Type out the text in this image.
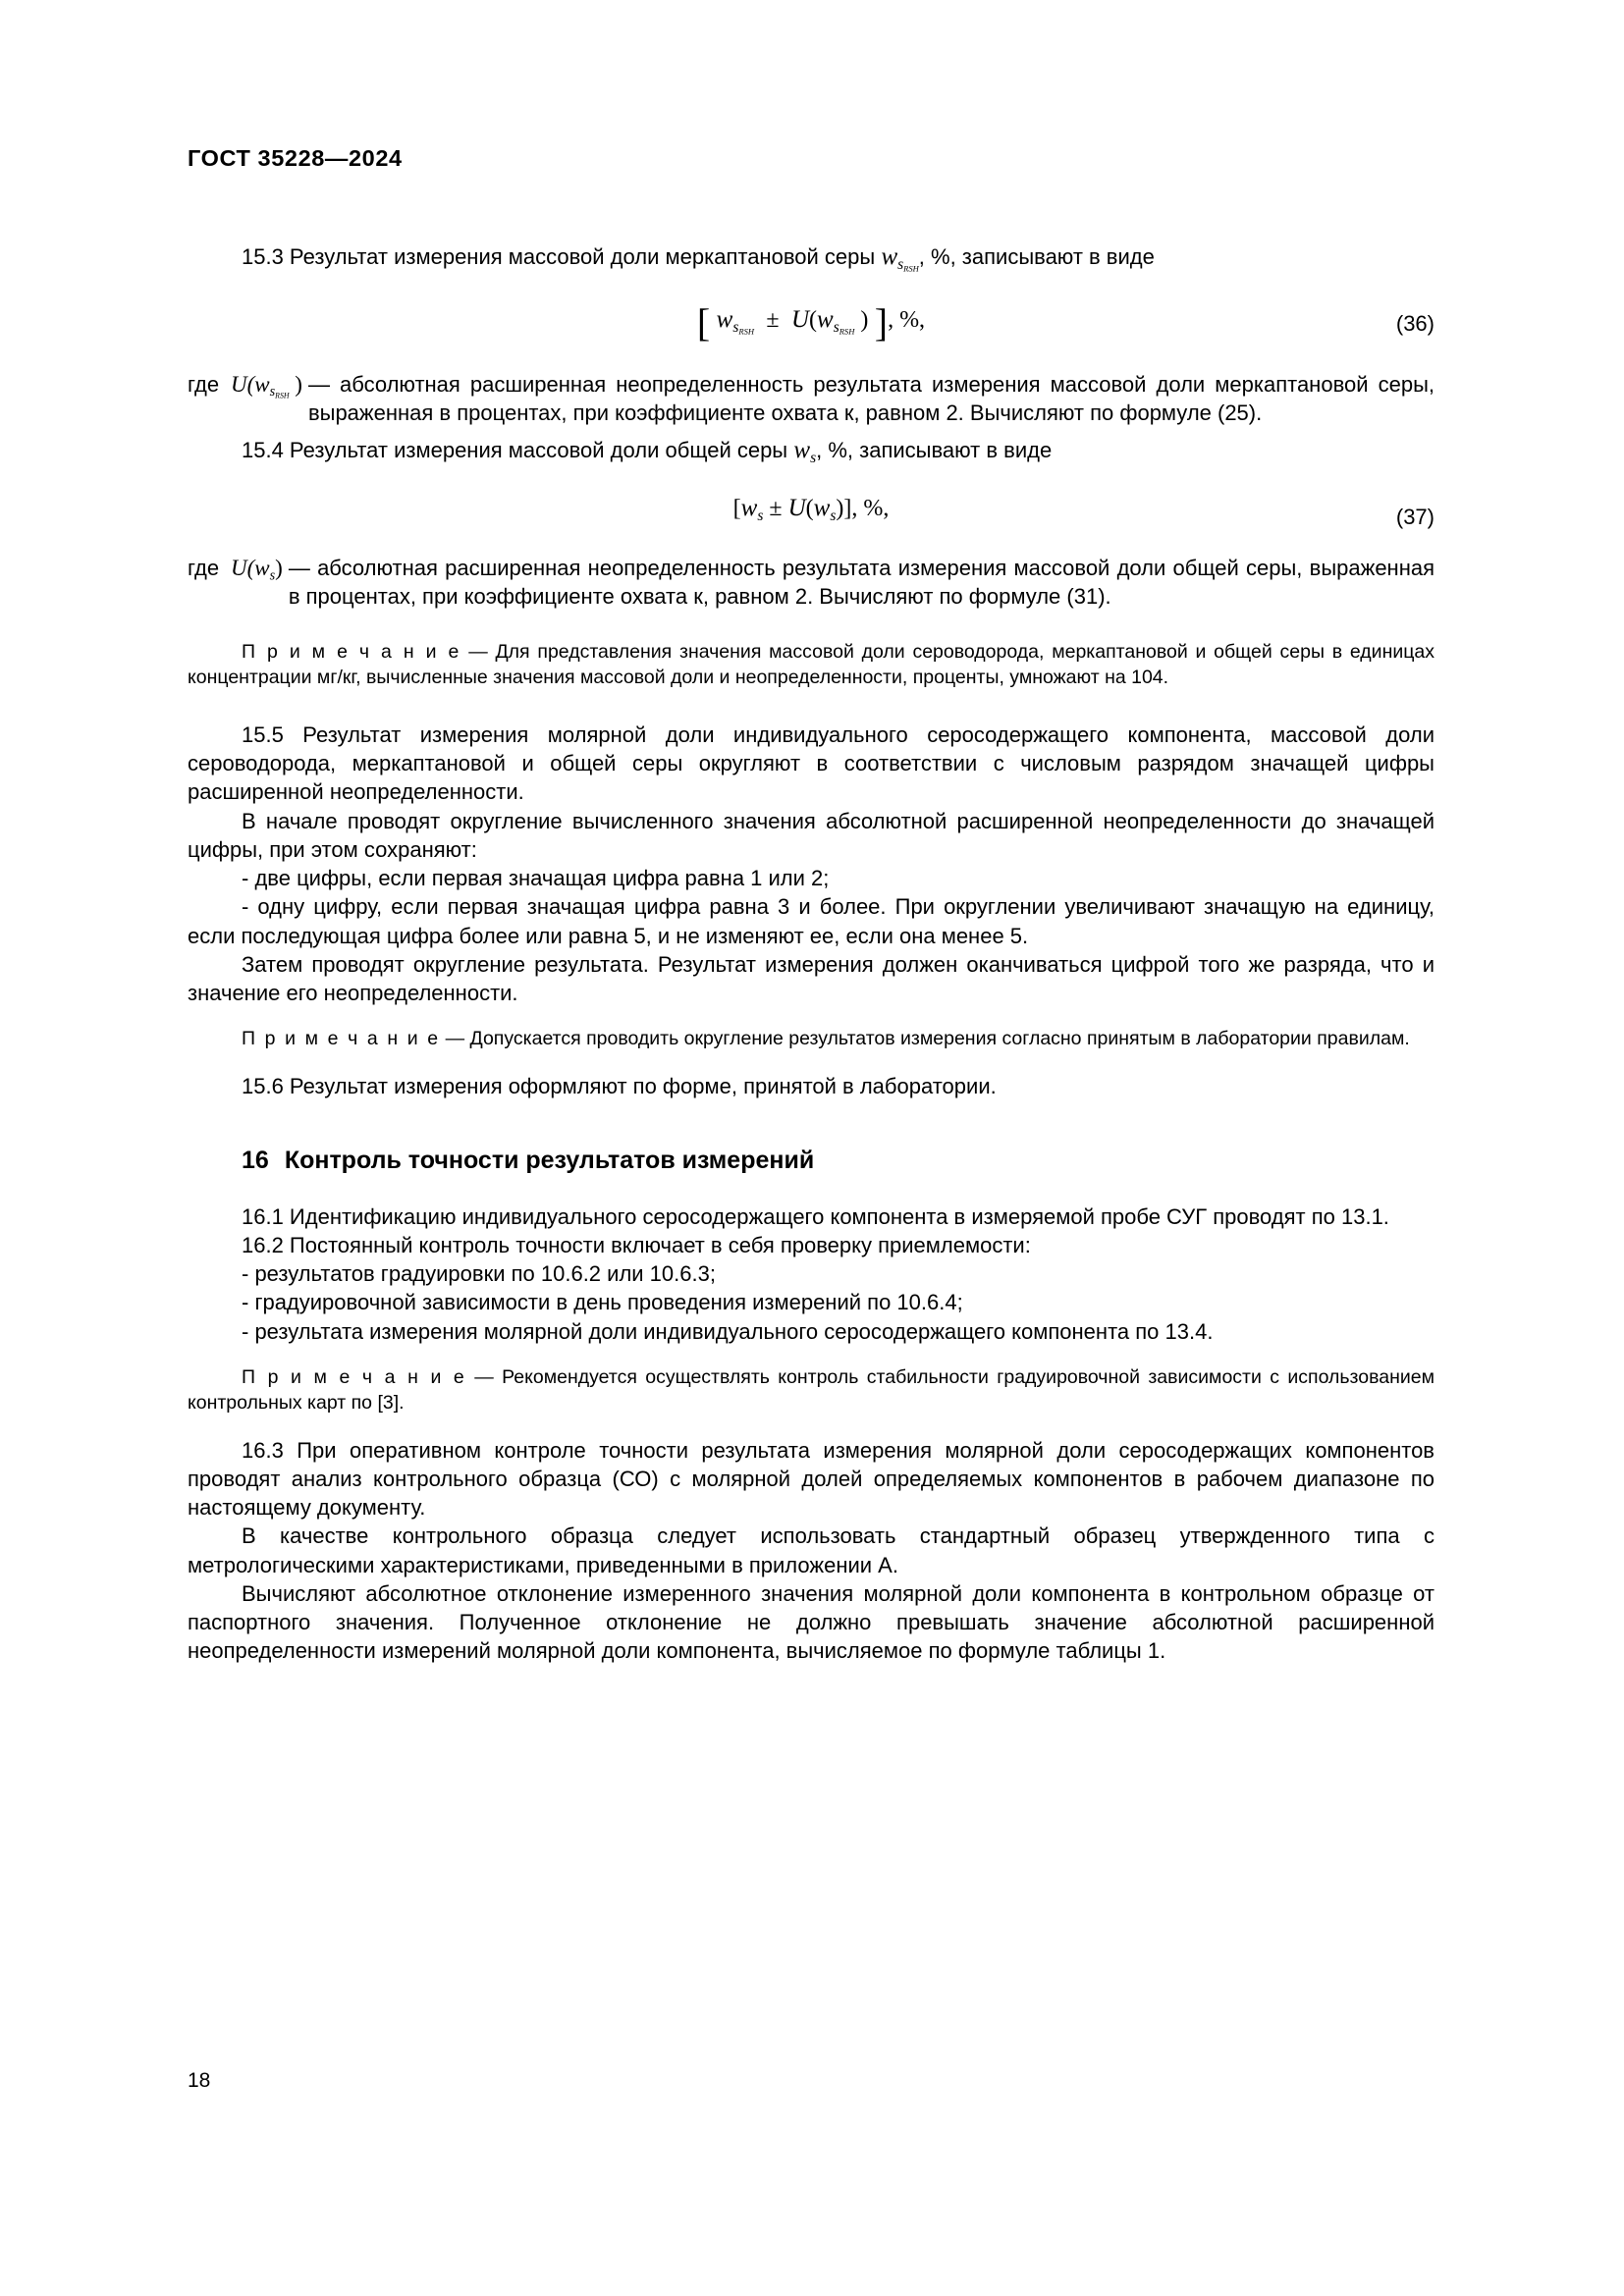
ГОСТ 35228—2024

15.3 Результат измерения массовой доли меркаптановой серы $w_{sRSH}$, %, записывают в виде

[ $w_{sRSH} \pm U(w_{sRSH}$ ) ], %,	(36)
где  $U(w_{sRSH}$ ) — абсолютная расширенная неопределенность результата измерения массовой доли меркаптановой серы, выраженная в процентах, при коэффициенте охвата к, равном 2. Вычисляют по формуле (25).

15.4 Результат измерения массовой доли общей серы $w_s$, %, записывают в виде

$[w_s \pm U(w_s)]$, %,	(37)
где  $U(w_s)$ — абсолютная расширенная неопределенность результата измерения массовой доли общей серы, выраженная в процентах, при коэффициенте охвата к, равном 2. Вычисляют по формуле (31).

П р и м е ч а н и е — Для представления значения массовой доли сероводорода, меркаптановой и общей серы в единицах концентрации мг/кг, вычисленные значения массовой доли и неопределенности, проценты, умножают на 104.

15.5 Результат измерения молярной доли индивидуального серосодержащего компонента, массовой доли сероводорода, меркаптановой и общей серы округляют в соответствии с числовым разрядом значащей цифры расширенной неопределенности.

В начале проводят округление вычисленного значения абсолютной расширенной неопределенности до значащей цифры, при этом сохраняют:

- две цифры, если первая значащая цифра равна 1 или 2;

- одну цифру, если первая значащая цифра равна 3 и более. При округлении увеличивают значащую на единицу, если последующая цифра более или равна 5, и не изменяют ее, если она менее 5.

Затем проводят округление результата. Результат измерения должен оканчиваться цифрой того же разряда, что и значение его неопределенности.

П р и м е ч а н и е — Допускается проводить округление результатов измерения согласно принятым в лаборатории правилам.

15.6 Результат измерения оформляют по форме, принятой в лаборатории.

16 Контроль точности результатов измерений

16.1 Идентификацию индивидуального серосодержащего компонента в измеряемой пробе СУГ проводят по 13.1.

16.2 Постоянный контроль точности включает в себя проверку приемлемости:

- результатов градуировки по 10.6.2 или 10.6.3;

- градуировочной зависимости в день проведения измерений по 10.6.4;

- результата измерения молярной доли индивидуального серосодержащего компонента по 13.4.

П р и м е ч а н и е — Рекомендуется осуществлять контроль стабильности градуировочной зависимости с использованием контрольных карт по [3].

16.3 При оперативном контроле точности результата измерения молярной доли серосодержащих компонентов проводят анализ контрольного образца (СО) с молярной долей определяемых компонентов в рабочем диапазоне по настоящему документу.

В качестве контрольного образца следует использовать стандартный образец утвержденного типа с метрологическими характеристиками, приведенными в приложении А.

Вычисляют абсолютное отклонение измеренного значения молярной доли компонента в контрольном образце от паспортного значения. Полученное отклонение не должно превышать значение абсолютной расширенной неопределенности измерений молярной доли компонента, вычисляемое по формуле таблицы 1.

18
